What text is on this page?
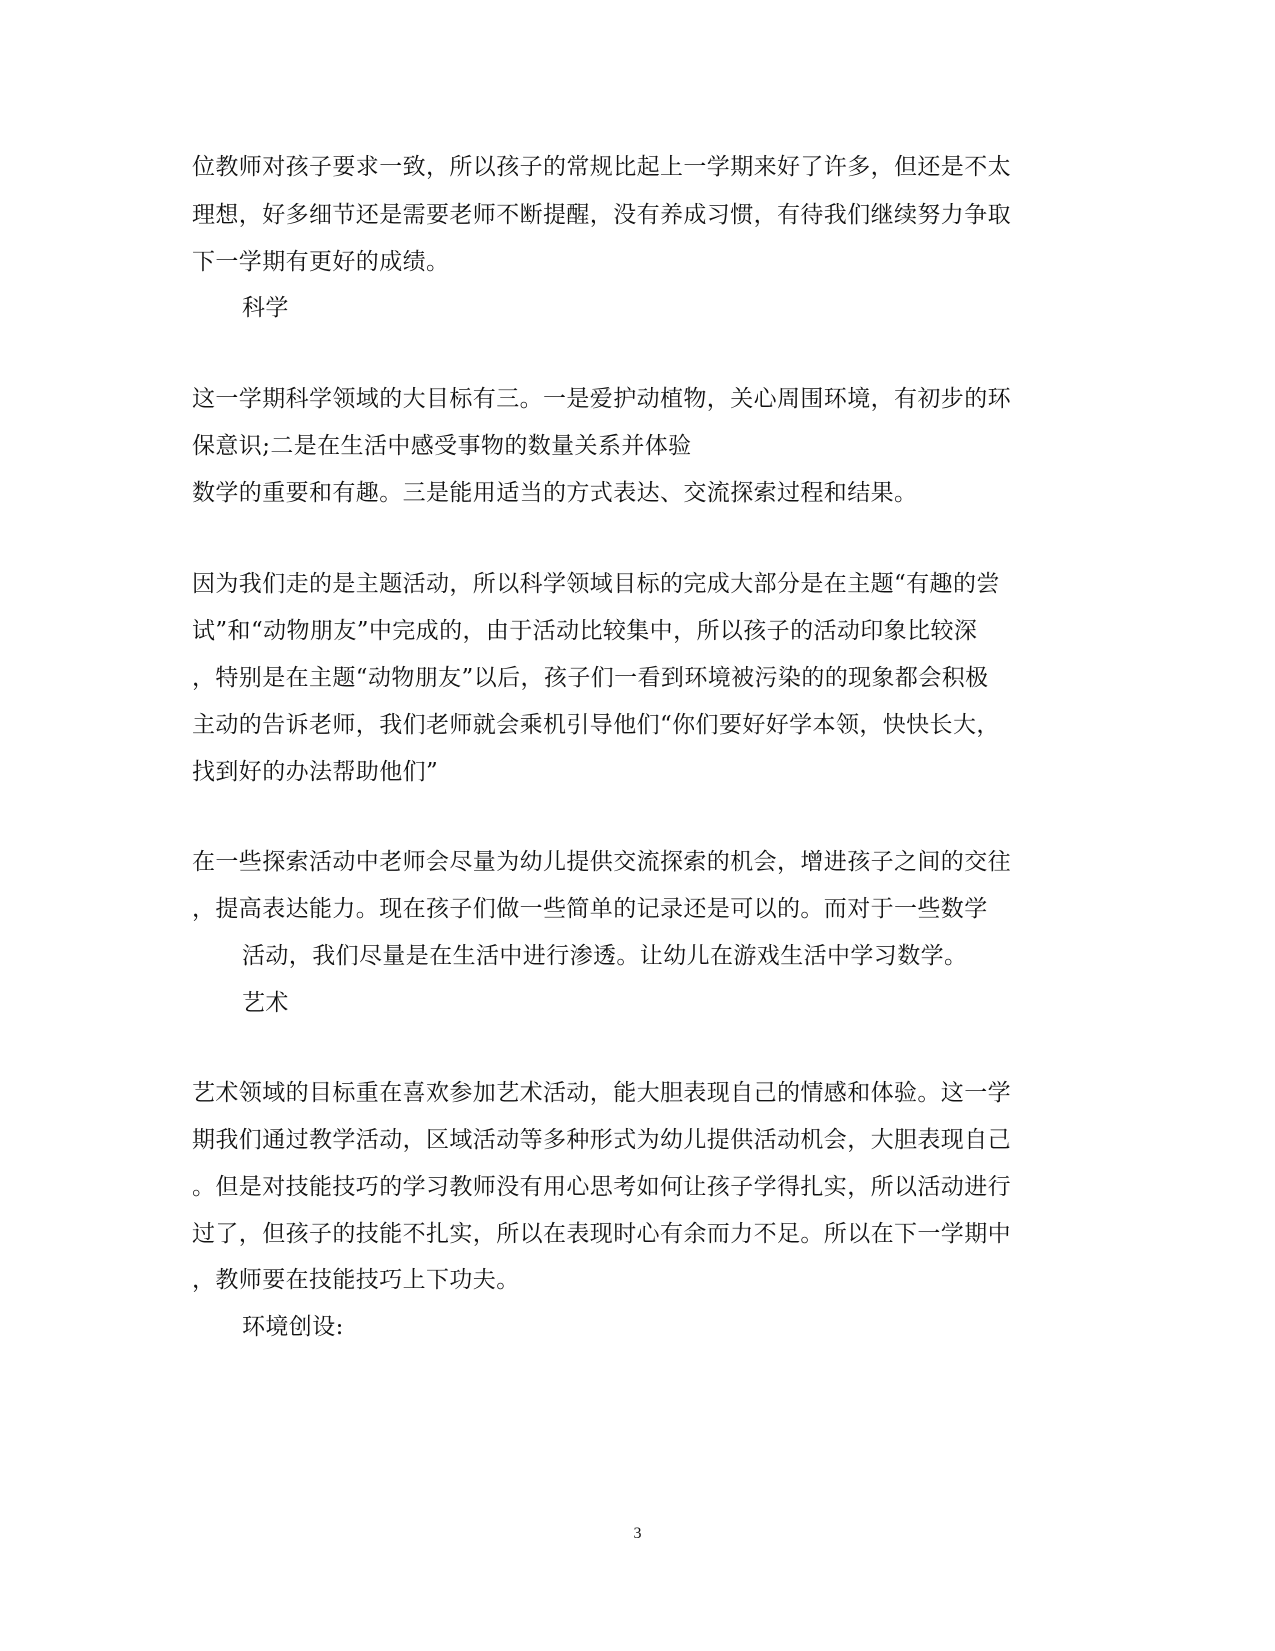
位教师对孩子要求一致，所以孩子的常规比起上一学期来好了许多，但还是不太
理想，好多细节还是需要老师不断提醒，没有养成习惯，有待我们继续努力争取
下一学期有更好的成绩。
科学
这一学期科学领域的大目标有三。一是爱护动植物，关心周围环境，有初步的环
保意识;二是在生活中感受事物的数量关系并体验
数学的重要和有趣。三是能用适当的方式表达、交流探索过程和结果。
因为我们走的是主题活动，所以科学领域目标的完成大部分是在主题“有趣的尝
试”和“动物朋友”中完成的，由于活动比较集中，所以孩子的活动印象比较深
，特别是在主题“动物朋友”以后，孩子们一看到环境被污染的的现象都会积极
主动的告诉老师，我们老师就会乘机引导他们“你们要好好学本领，快快长大，
找到好的办法帮助他们”
在一些探索活动中老师会尽量为幼儿提供交流探索的机会，增进孩子之间的交往
，提高表达能力。现在孩子们做一些简单的记录还是可以的。而对于一些数学
活动，我们尽量是在生活中进行渗透。让幼儿在游戏生活中学习数学。
艺术
艺术领域的目标重在喜欢参加艺术活动，能大胆表现自己的情感和体验。这一学
期我们通过教学活动，区域活动等多种形式为幼儿提供活动机会，大胆表现自己
。但是对技能技巧的学习教师没有用心思考如何让孩子学得扎实，所以活动进行
过了，但孩子的技能不扎实，所以在表现时心有余而力不足。所以在下一学期中
，教师要在技能技巧上下功夫。
环境创设:
3
